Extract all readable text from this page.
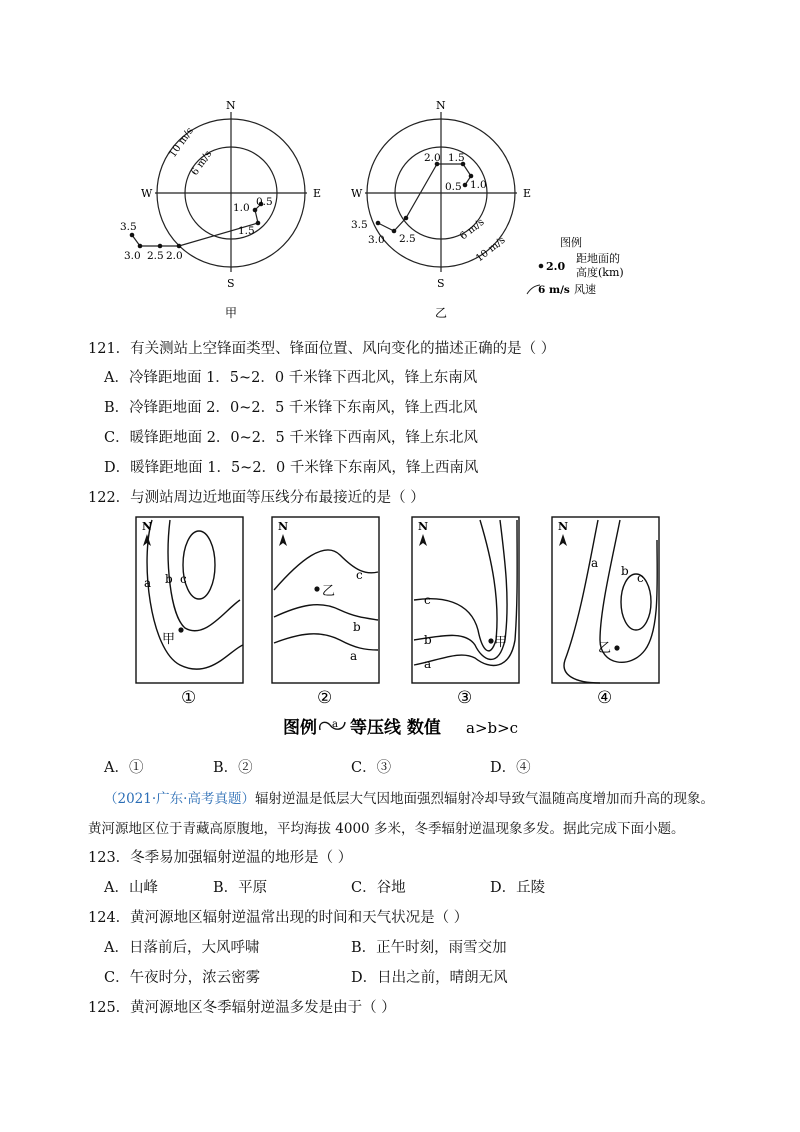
N
S
W	E
10 m/s
6 m/s
0.5
1.0
1.5
2.0
2.5
3.0
3.5
甲
N
S
W	E
10 m/s
6 m/s
2.0 1.5
1.0
0.5
2.5
3.0
3.5
乙
图例
2.0
距地面的
高度(km)
6 m/s 风速
121．有关测站上空锋面类型、锋面位置、风向变化的描述正确的是（ ）
A．冷锋距地面 1．5~2．0 千米锋下西北风，锋上东南风
B．冷锋距地面 2．0~2．5 千米锋下东南风，锋上西北风
C．暖锋距地面 2．0~2．5 千米锋下西南风，锋上东北风
D．暖锋距地面 1．5~2．0 千米锋下东南风，锋上西南风
122．与测站周边近地面等压线分布最接近的是（ ）
N
a b c
甲
①
N
c
b
a
乙
②
N
c
b
a
甲
③
N
a
b c
乙
④
图例 a 等压线 数值 a>b>c
A．①	B．②	C．③	D．④
（2021·广东·高考真题）辐射逆温是低层大气因地面强烈辐射冷却导致气温随高度增加而升高的现象。
黄河源地区位于青藏高原腹地，平均海拔 4000 多米，冬季辐射逆温现象多发。据此完成下面小题。
123．冬季易加强辐射逆温的地形是（ ）
A．山峰	B．平原	C．谷地	D．丘陵
124．黄河源地区辐射逆温常出现的时间和天气状况是（ ）
A．日落前后，大风呼啸	B．正午时刻，雨雪交加
C．午夜时分，浓云密雾	D．日出之前，晴朗无风
125．黄河源地区冬季辐射逆温多发是由于（ ）
